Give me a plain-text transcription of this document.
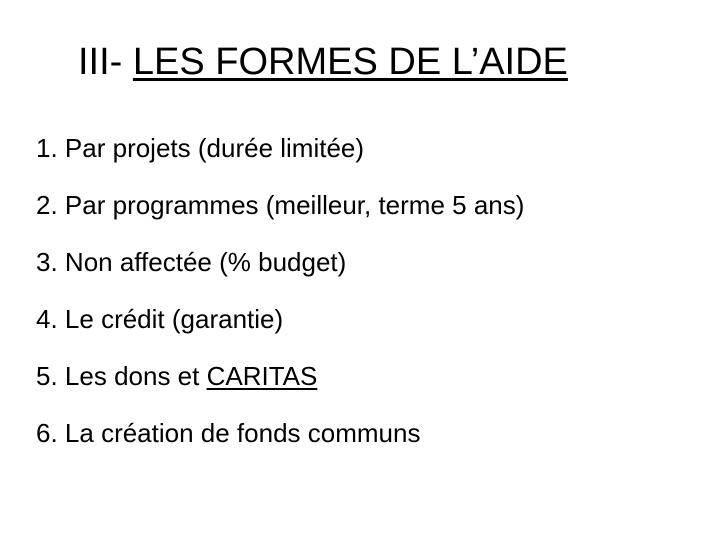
III- LES FORMES DE L’AIDE
1. Par projets (durée limitée)
2. Par programmes (meilleur, terme 5 ans)
3. Non affectée (% budget)
4. Le crédit (garantie)
5. Les dons et CARITAS
6. La création de fonds communs
